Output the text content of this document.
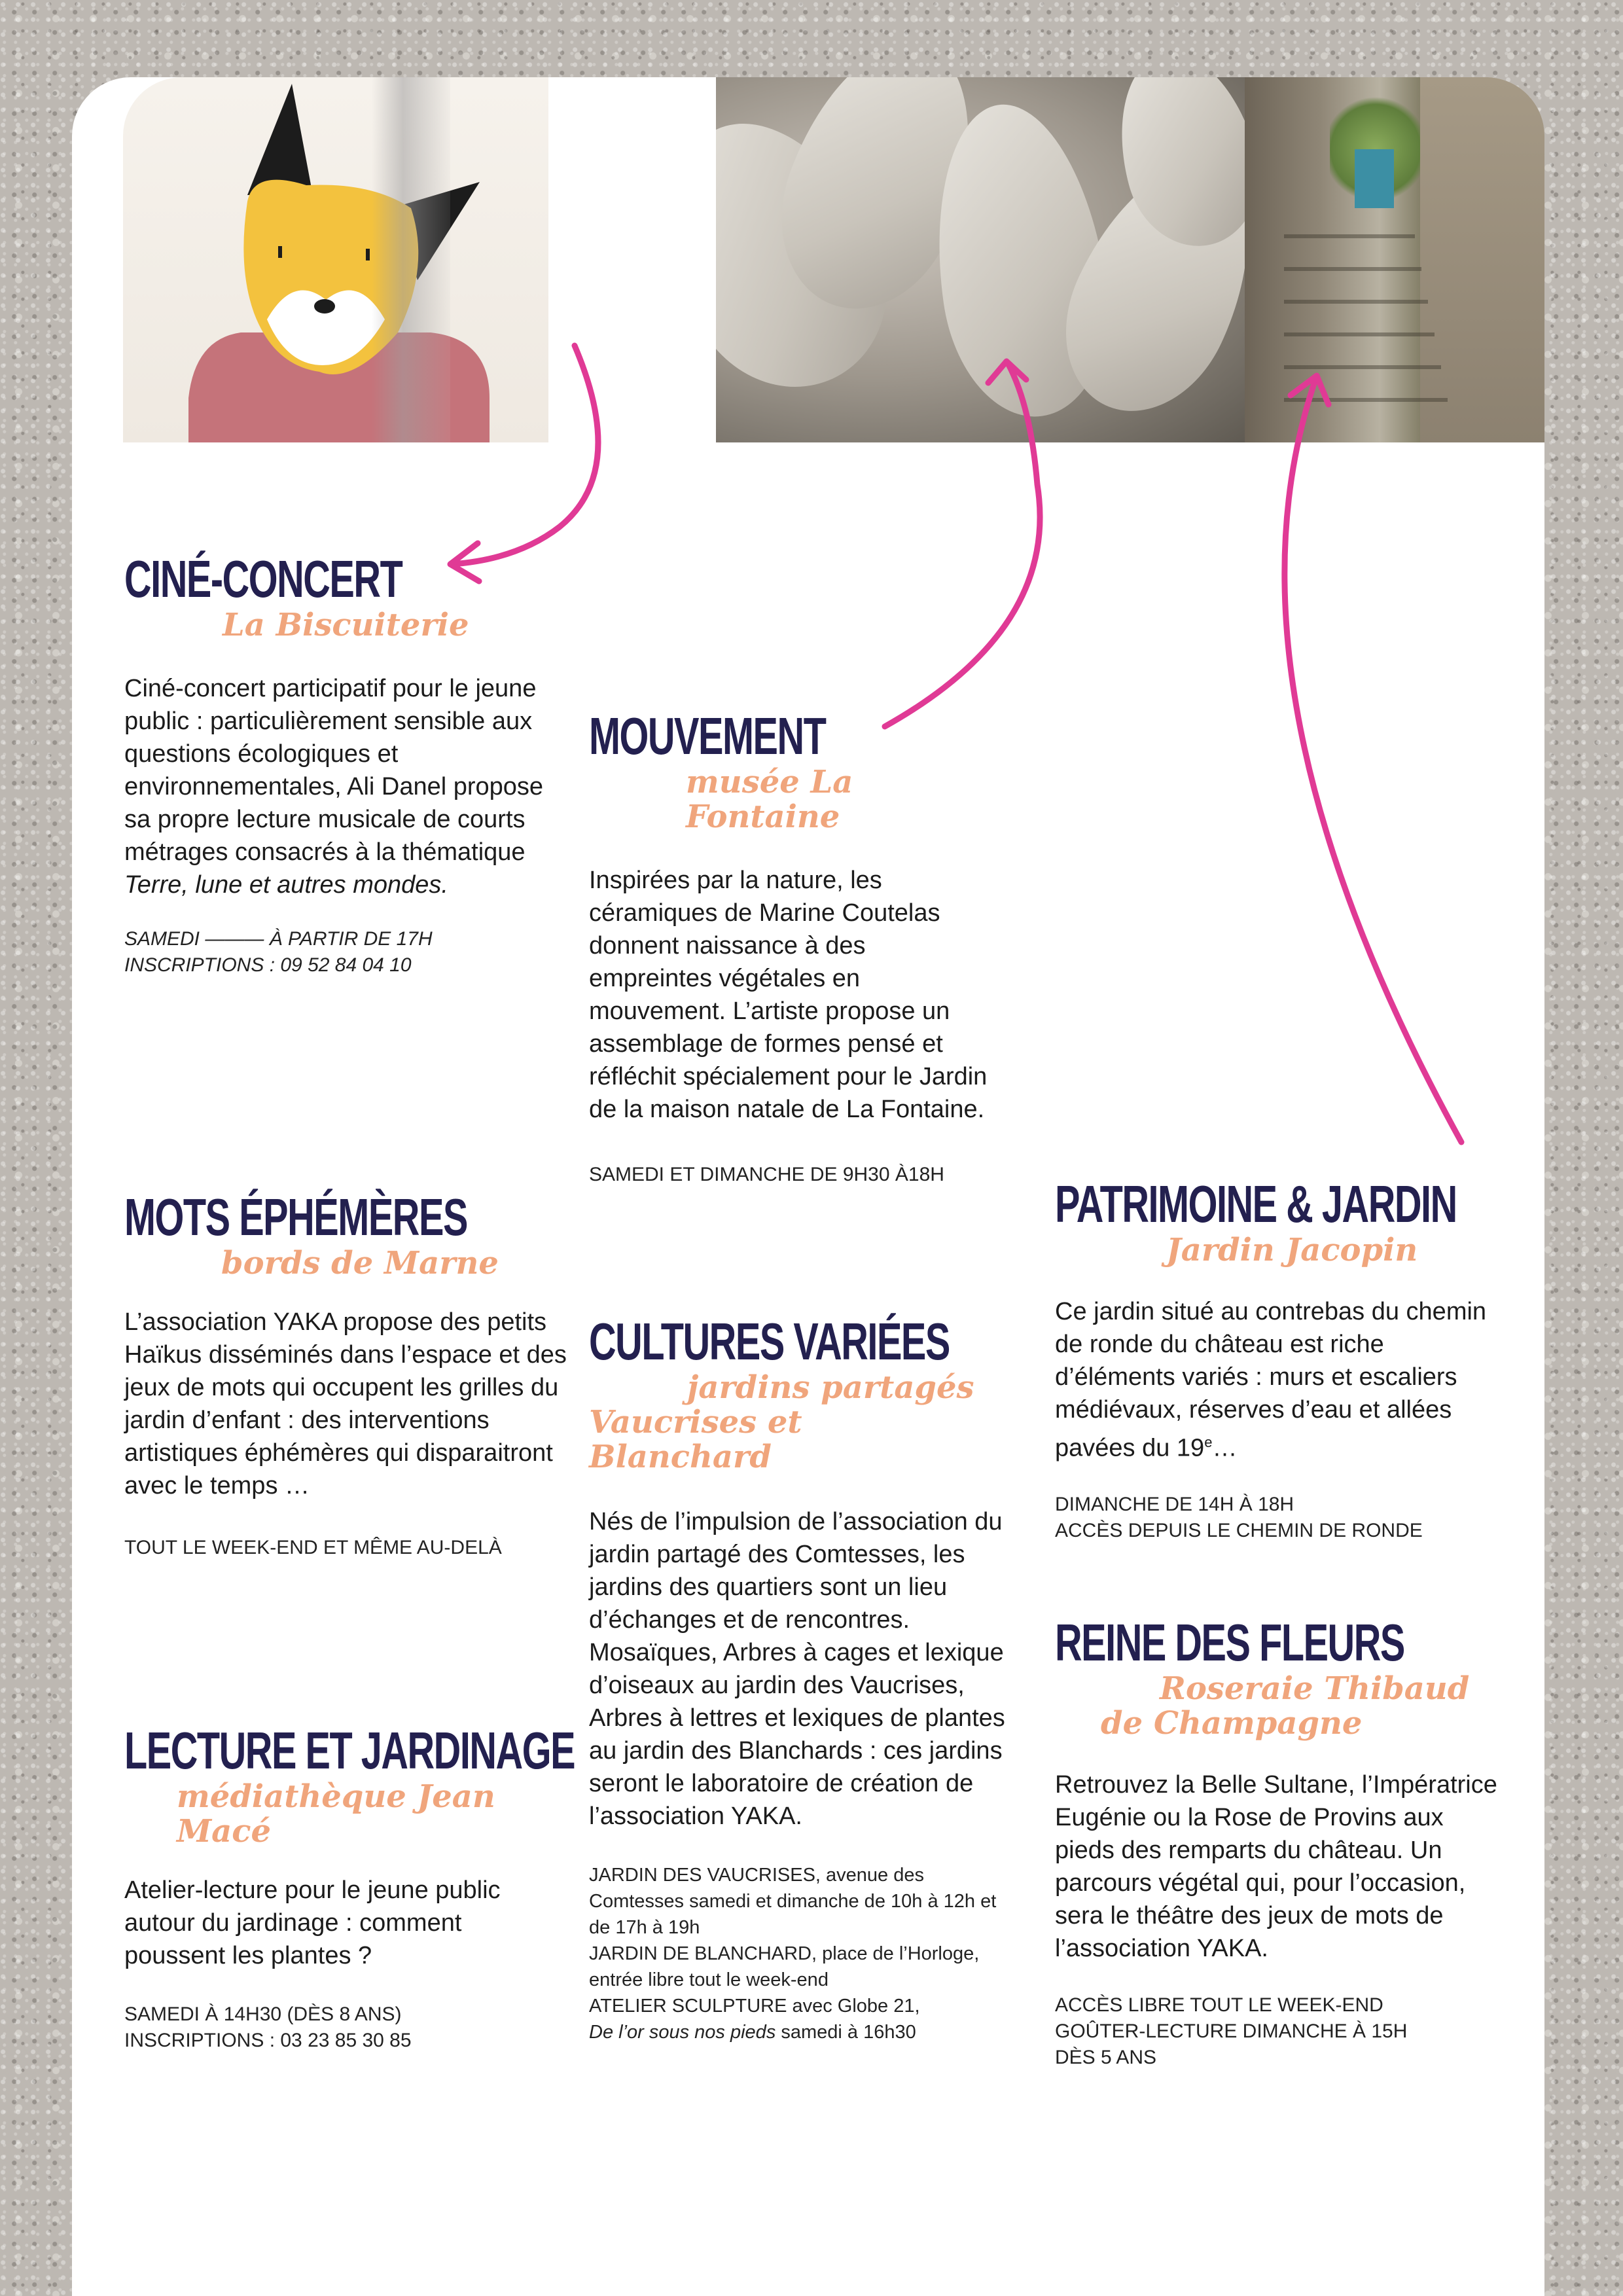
CINÉ-CONCERT
La Biscuiterie
Ciné-concert participatif pour le jeune public : particulièrement sensible aux questions écologiques et environnementales, Ali Danel propose sa propre lecture musicale de courts métrages consacrés à la thématique Terre, lune et autres mondes.
SAMEDI ——— À PARTIR DE 17H
INSCRIPTIONS : 09 52 84 04 10
MOTS ÉPHÉMÈRES
bords de Marne
L’association YAKA propose des petits Haïkus disséminés dans l’espace et des jeux de mots qui occupent les grilles du jardin d’enfant : des interventions artistiques éphémères qui disparaitront avec le temps …
TOUT LE WEEK-END ET MÊME AU-DELÀ
LECTURE ET JARDINAGE
médiathèque Jean Macé
Atelier-lecture pour le jeune public autour du jardinage : comment poussent les plantes ?
SAMEDI À 14H30 (DÈS 8 ANS)
INSCRIPTIONS : 03 23 85 30 85
MOUVEMENT
musée La Fontaine
Inspirées par la nature, les céramiques de Marine Coutelas donnent naissance à des empreintes végétales en mouvement. L’artiste propose un assemblage de formes pensé et réfléchit spécialement pour le Jardin de la maison natale de La Fontaine.
SAMEDI ET DIMANCHE DE 9H30 À18H
CULTURES VARIÉES
jardins partagés
Vaucrises et
Blanchard
Nés de l’impulsion de l’association du jardin partagé des Comtesses, les jardins des quartiers sont un lieu d’échanges et de rencontres. Mosaïques, Arbres à cages et lexique d’oiseaux au jardin des Vaucrises, Arbres à lettres et lexiques de plantes au jardin des Blanchards : ces jardins seront le laboratoire de création de l’association YAKA.
JARDIN DES VAUCRISES, avenue des Comtesses samedi et dimanche de 10h à 12h et de 17h à 19h
JARDIN DE BLANCHARD, place de l’Horloge, entrée libre tout le week-end
ATELIER SCULPTURE avec Globe 21,
De l’or sous nos pieds samedi à 16h30
PATRIMOINE & JARDIN
Jardin Jacopin
Ce jardin situé au contrebas du chemin de ronde du château est riche d’éléments variés : murs et escaliers médiévaux, réserves d’eau et allées pavées du 19e…
DIMANCHE DE 14H À 18H
ACCÈS DEPUIS LE CHEMIN DE RONDE
REINE DES FLEURS
Roseraie Thibaud
de Champagne
Retrouvez la Belle Sultane, l’Impératrice Eugénie ou la Rose de Provins aux pieds des remparts du château. Un parcours végétal qui, pour l’occasion, sera le théâtre des jeux de mots de l’association YAKA.
ACCÈS LIBRE TOUT LE WEEK-END
GOÛTER-LECTURE DIMANCHE À 15H
DÈS 5 ANS
